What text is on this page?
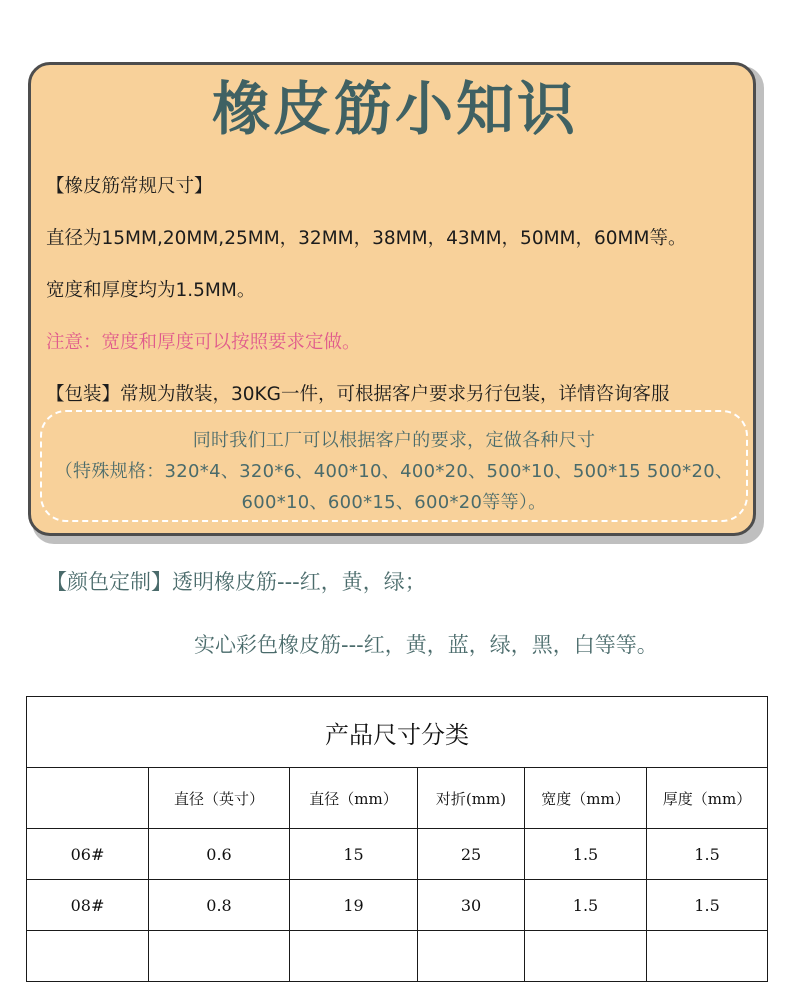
橡皮筋小知识
【橡皮筋常规尺寸】
直径为15MM,20MM,25MM，32MM，38MM，43MM，50MM，60MM等。
宽度和厚度均为1.5MM。
注意：宽度和厚度可以按照要求定做。
【包装】常规为散装，30KG一件，可根据客户要求另行包装，详情咨询客服
同时我们工厂可以根据客户的要求，定做各种尺寸
（特殊规格：320*4、320*6、400*10、400*20、500*10、500*15 500*20、
600*10、600*15、600*20等等）。
【颜色定制】透明橡皮筋---红，黄，绿；
实心彩色橡皮筋---红，黄，蓝，绿，黑，白等等。
产品尺寸分类					
	直径（英寸）	直径（mm）	对折(mm)	宽度（mm）	厚度（mm）
06#	0.6	15	25	1.5	1.5
08#	0.8	19	30	1.5	1.5
